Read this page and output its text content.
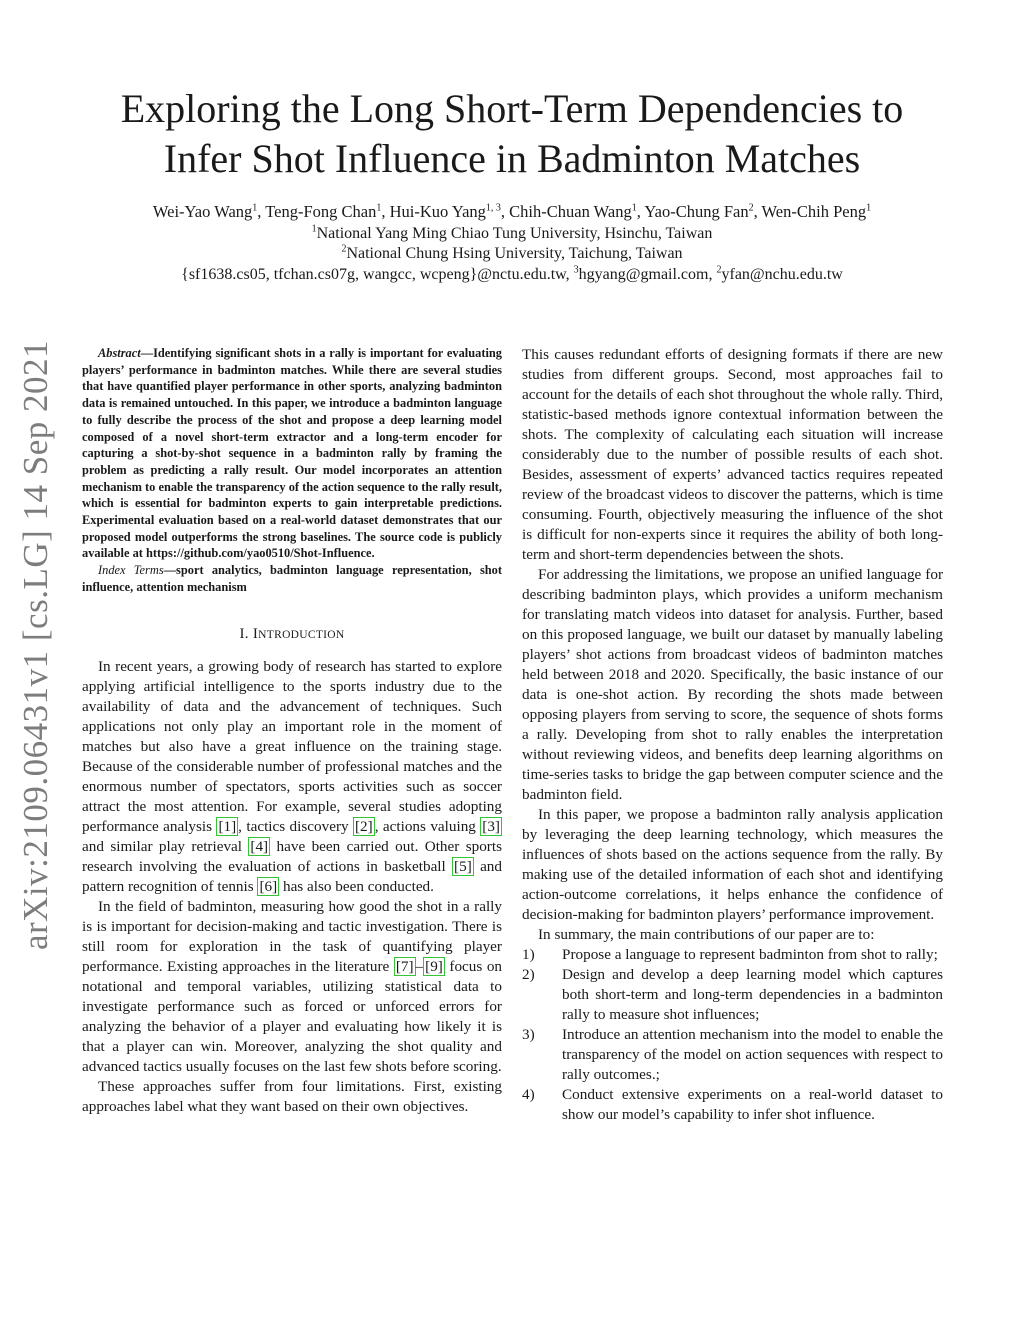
arXiv:2109.06431v1 [cs.LG] 14 Sep 2021
Exploring the Long Short-Term Dependencies to
Infer Shot Influence in Badminton Matches
Wei-Yao Wang$^1$, Teng-Fong Chan$^1$, Hui-Kuo Yang$^{1, 3}$, Chih-Chuan Wang$^1$, Yao-Chung Fan$^2$, Wen-Chih Peng$^1$
$^1$National Yang Ming Chiao Tung University, Hsinchu, Taiwan
$^2$National Chung Hsing University, Taichung, Taiwan
{sf1638.cs05, tfchan.cs07g, wangcc, wcpeng}@nctu.edu.tw, $^3$hgyang@gmail.com, $^2$yfan@nchu.edu.tw

Abstract—Identifying significant shots in a rally is important for evaluating players’ performance in badminton matches. While there are several studies that have quantified player performance in other sports, analyzing badminton data is remained untouched. In this paper, we introduce a badminton language to fully describe the process of the shot and propose a deep learning model composed of a novel short-term extractor and a long-term encoder for capturing a shot-by-shot sequence in a badminton rally by framing the problem as predicting a rally result. Our model incorporates an attention mechanism to enable the transparency of the action sequence to the rally result, which is essential for badminton experts to gain interpretable predictions. Experimental evaluation based on a real-world dataset demonstrates that our proposed model outperforms the strong baselines. The source code is publicly available at https://github.com/yao0510/Shot-Influence.

Index Terms—sport analytics, badminton language representation, shot influence, attention mechanism

I. INTRODUCTION

In recent years, a growing body of research has started to explore applying artificial intelligence to the sports industry due to the availability of data and the advancement of techniques. Such applications not only play an important role in the moment of matches but also have a great influence on the training stage. Because of the considerable number of professional matches and the enormous number of spectators, sports activities such as soccer attract the most attention. For example, several studies adopting performance analysis [1] , tactics discovery [2] , actions valuing [3] and similar play retrieval [4] have been carried out. Other sports research involving the evaluation of actions in basketball [5] and pattern recognition of tennis [6] has also been conducted.

In the field of badminton, measuring how good the shot in a rally is is important for decision-making and tactic investigation. There is still room for exploration in the task of quantifying player performance. Existing approaches in the literature [7] – [9] focus on notational and temporal variables, utilizing statistical data to investigate performance such as forced or unforced errors for analyzing the behavior of a player and evaluating how likely it is that a player can win. Moreover, analyzing the shot quality and advanced tactics usually focuses on the last few shots before scoring.

These approaches suffer from four limitations. First, existing approaches label what they want based on their own objectives.

This causes redundant efforts of designing formats if there are new studies from different groups. Second, most approaches fail to account for the details of each shot throughout the whole rally. Third, statistic-based methods ignore contextual information between the shots. The complexity of calculating each situation will increase considerably due to the number of possible results of each shot. Besides, assessment of experts’ advanced tactics requires repeated review of the broadcast videos to discover the patterns, which is time consuming. Fourth, objectively measuring the influence of the shot is difficult for non-experts since it requires the ability of both long-term and short-term dependencies between the shots.

For addressing the limitations, we propose an unified language for describing badminton plays, which provides a uniform mechanism for translating match videos into dataset for analysis. Further, based on this proposed language, we built our dataset by manually labeling players’ shot actions from broadcast videos of badminton matches held between 2018 and 2020. Specifically, the basic instance of our data is one-shot action. By recording the shots made between opposing players from serving to score, the sequence of shots forms a rally. Developing from shot to rally enables the interpretation without reviewing videos, and benefits deep learning algorithms on time-series tasks to bridge the gap between computer science and the badminton field.

In this paper, we propose a badminton rally analysis application by leveraging the deep learning technology, which measures the influences of shots based on the actions sequence from the rally. By making use of the detailed information of each shot and identifying action-outcome correlations, it helps enhance the confidence of decision-making for badminton players’ performance improvement.

In summary, the main contributions of our paper are to:

1) Propose a language to represent badminton from shot to rally;
2) Design and develop a deep learning model which captures both short-term and long-term dependencies in a badminton rally to measure shot influences;
3) Introduce an attention mechanism into the model to enable the transparency of the model on action sequences with respect to rally outcomes.;
4) Conduct extensive experiments on a real-world dataset to show our model’s capability to infer shot influence.
